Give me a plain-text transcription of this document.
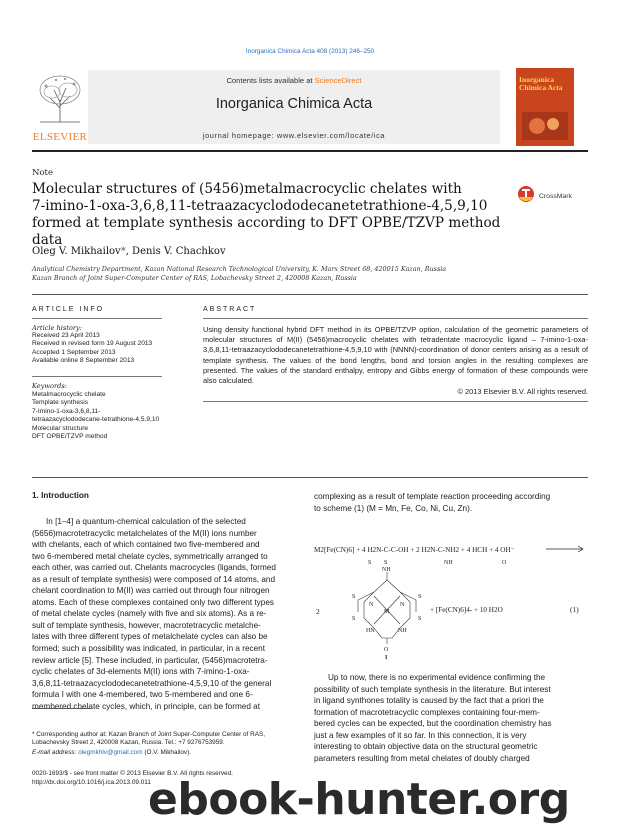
Inorganica Chimica Acta 408 (2013) 246–250
ELSEVIER
Contents lists available at ScienceDirect
Inorganica Chimica Acta
journal homepage: www.elsevier.com/locate/ica
Inorganica Chimica Acta
Note
Molecular structures of (5456)metalmacrocyclic chelates with
7-imino-1-oxa-3,6,8,11-tetraazacyclododecanetetrathione-4,5,9,10
formed at template synthesis according to DFT OPBE/TZVP method data
CrossMark
Oleg V. Mikhailov*, Denis V. Chachkov
Analytical Chemistry Department, Kazan National Research Technological University, K. Marx Street 68, 420015 Kazan, Russia
Kazan Branch of Joint Super-Computer Center of RAS, Lobachevsky Street 2, 420008 Kazan, Russia
ARTICLE INFO
Article history:
Received 23 April 2013
Received in revised form 19 August 2013
Accepted 1 September 2013
Available online 8 September 2013
Keywords:
Metalmacrocyclic chelate
Template synthesis
7-Imino-1-oxa-3,6,8,11-
tetraazacyclododecane-tetrathione-4,5,9,10
Molecular structure
DFT OPBE/TZVP method
ABSTRACT
Using density functional hybrid DFT method in its OPBE/TZVP option, calculation of the geometric parameters of molecular structures of M(II) (5456)macrocyclic chelates with tetradentate macrocyclic ligand – 7-imino-1-oxa-3,6,8,11-tetraazacyclododecanetetrathione-4,5,9,10 with (NNNN)-coordination of donor centers arising as a result of template synthesis. The values of the bond lengths, bond and torsion angles in the resulting complexes are presented. The values of the standard enthalpy, entropy and Gibbs energy of formation of these compounds were also calculated.
© 2013 Elsevier B.V. All rights reserved.
1. Introduction
In [1–4] a quantum-chemical calculation of the selected
(5656)macrotetracyclic metalchelates of the M(II) ions number
with chelants, each of which contained two five-membered and
two 6-membered metal chelate cycles, symmetrically arranged to
each other, was carried out. Chelants macrocycles (ligands, formed
as a result of template synthesis) were composed of 14 atoms, and
chelant coordination to M(II) was carried out through four nitrogen
atoms. Each of these complexes contained only two different types
of metal chelate cycles (namely with five and six atoms). As a re-
sult of template synthesis, however, macrotetracyclic metalche-
lates with three different types of metalchelate cycles can also be
formed; such a possibility was indicated, in particular, in a recent
review article [5]. These included, in particular, (5456)macrotetra-
cyclic chelates of 3d-elements M(II) ions with 7-imino-1-oxa-
3,6,8,11-tetraazacyclododecanetetrathione-4,5,9,10 of the general
formula I with one 4-membered, two 5-membered and one 6-
membered chelate cycles, which, in principle, can be formed at
complexing as a result of template reaction proceeding according
to scheme (1) (M = Mn, Fe, Co, Ni, Cu, Zn).
M2[Fe(CN)6] + 4 H2N-C-C-OH + 2 H2N-C-NH2 + 4 HCH + 4 OH⁻
NH
S	S
S	S
N	N
M
HN	NH
O
I
S S	NH	O
2	+ [Fe(CN)6]4- + 10 H2O	(1)
Up to now, there is no experimental evidence confirming the
possibility of such template synthesis in the literature. But interest
in ligand synthones totality is caused by the fact that a priori the
formation of macrotetracyclic complexes containing four-mem-
bered cycles can be expected, but the coordination chemistry has
just a few examples of it so far. In this connection, it is very
interesting to obtain objective data on the structural geometric
parameters resulting from metal chelates of doubly charged
* Corresponding author at: Kazan Branch of Joint Super-Computer Center of RAS, Lobachevsky Street 2, 420008 Kazan, Russia. Tel.: +7 9276753959.
E-mail address: olegmkhlv@gmail.com (O.V. Mikhailov).
0020-1693/$ - see front matter © 2013 Elsevier B.V. All rights reserved.
http://dx.doi.org/10.1016/j.ica.2013.09.011
ebook-hunter.org
